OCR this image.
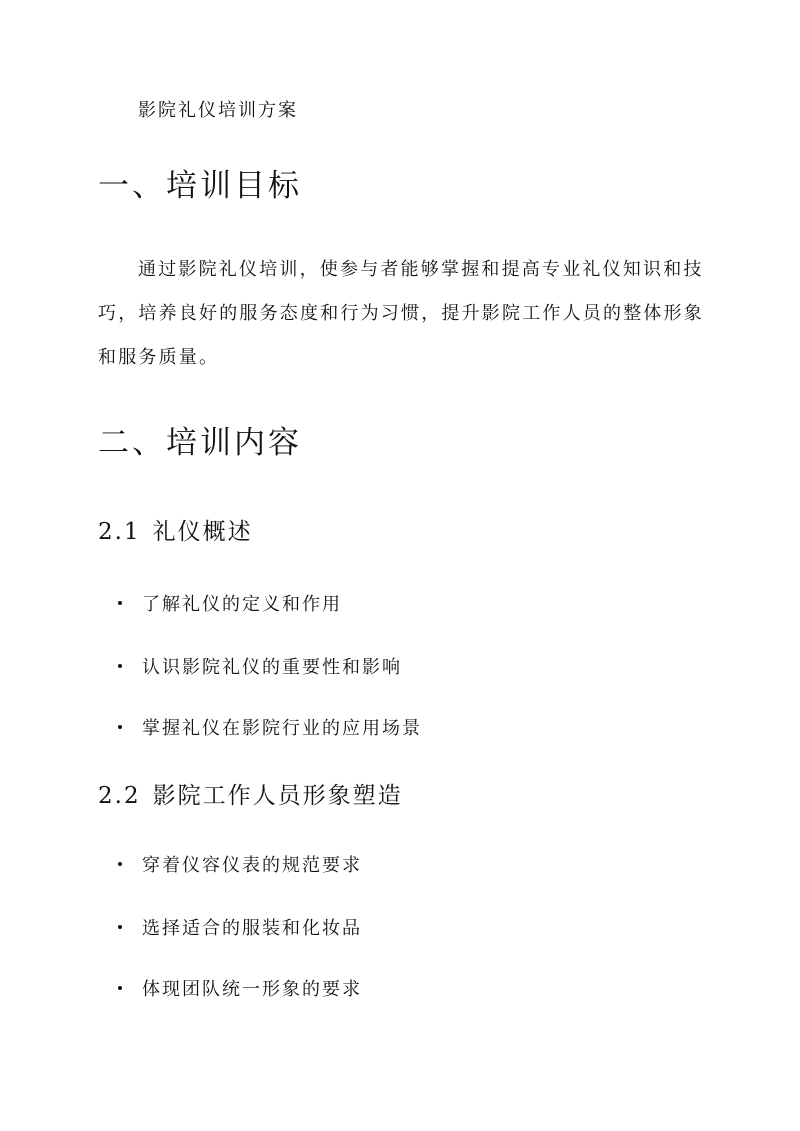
影院礼仪培训方案
一、培训目标

通过影院礼仪培训，使参与者能够掌握和提高专业礼仪知识和技巧，培养良好的服务态度和行为习惯，提升影院工作人员的整体形象和服务质量。

二、培训内容
2.1 礼仪概述
了解礼仪的定义和作用
认识影院礼仪的重要性和影响
掌握礼仪在影院行业的应用场景
2.2 影院工作人员形象塑造
穿着仪容仪表的规范要求
选择适合的服装和化妆品
体现团队统一形象的要求
